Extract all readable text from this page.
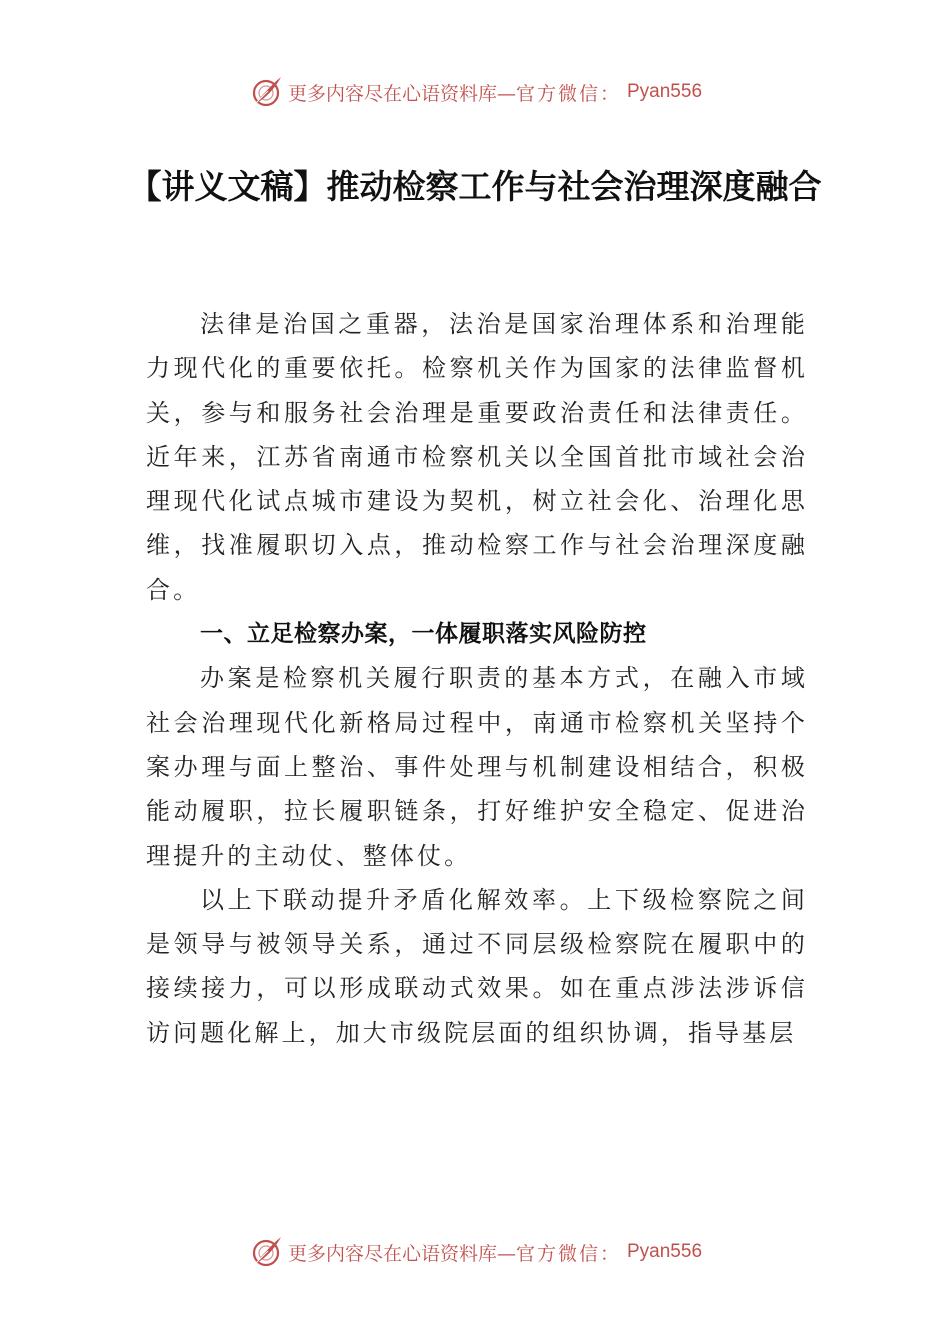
更多内容尽在心语资料库— 官方微信： Pyan556
【讲义文稿】推动检察工作与社会治理深度融合

法律是治国之重器，法治是国家治理体系和治理能力现代化的重要依托。检察机关作为国家的法律监督机关，参与和服务社会治理是重要政治责任和法律责任。近年来，江苏省南通市检察机关以全国首批市域社会治理现代化试点城市建设为契机，树立社会化、治理化思维，找准履职切入点，推动检察工作与社会治理深度融合。

一、立足检察办案，一体履职落实风险防控

办案是检察机关履行职责的基本方式，在融入市域社会治理现代化新格局过程中，南通市检察机关坚持个案办理与面上整治、事件处理与机制建设相结合，积极能动履职，拉长履职链条，打好维护安全稳定、促进治理提升的主动仗、整体仗。

以上下联动提升矛盾化解效率。上下级检察院之间是领导与被领导关系，通过不同层级检察院在履职中的接续接力，可以形成联动式效果。如在重点涉法涉诉信访问题化解上，加大市级院层面的组织协调，指导基层

更多内容尽在心语资料库— 官方微信： Pyan556
